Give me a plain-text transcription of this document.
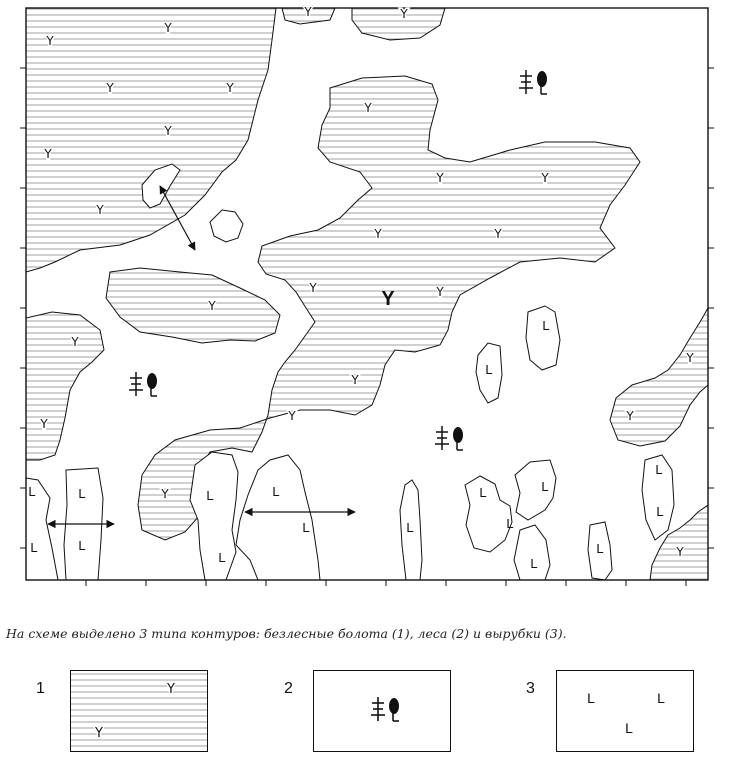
Y
Y
Y
Y	Y
Y
Y
Y
Y
Y	Y
Y	Y
Y	Y
Y
Y
Y
Y
Y
Y
Y
Y
Y
Y	Y
L	L
L	L
L	L
L
L	L
L	L
L
L
L
L
L
L
L
На схеме выделено 3 типа контуров: безлесные болота (1), леса (2) и вырубки (3).
1	Y
Y
2	3
L	L
L
